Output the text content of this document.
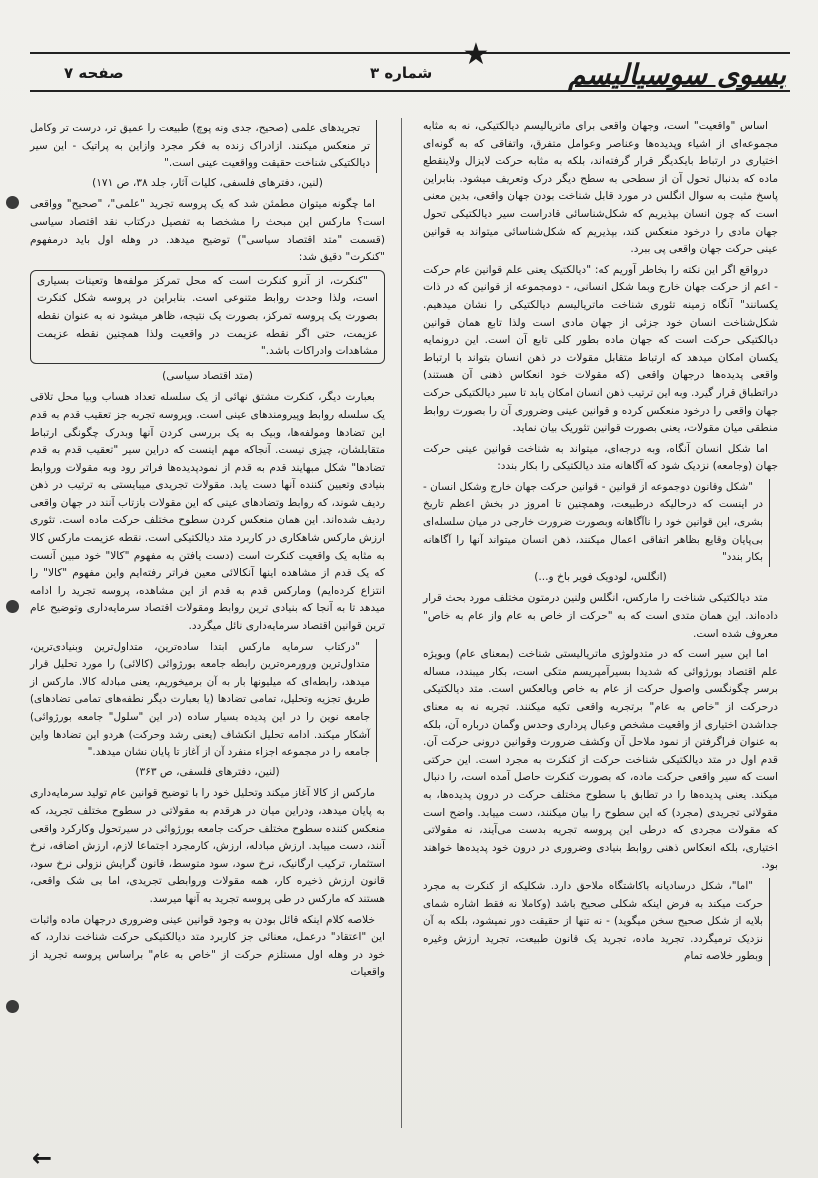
★
بسوی سوسیالیسم
شماره ۳
صفحه ۷

اساس "واقعیت" است، وجهان واقعی برای ماتریالیسم دیالکتیکی، نه به مثابه مجموعه‌ای از اشیاء وپدیده‌ها وعناصر وعوامل متفرق، واتفاقی که به گونه‌ای اختیاری در ارتباط بایکدیگر قرار گرفته‌اند، بلکه به مثابه حرکت لایزال ولاینقطع ماده که بدنبال تحول آن از سطحی به سطح دیگر درک وتعریف میشود. بنابراین پاسخ مثبت به سوال انگلس در مورد قابل شناخت بودن جهان واقعی، بدین معنی است که چون انسان بپذیریم که شکل‌شناسائی قادراست سیر دیالکتیکی تحول جهان مادی را درخود منعکس کند، بپذیریم که شکل‌شناسائی میتواند به قوانین عینی حرکت جهان واقعی پی ببرد.

درواقع اگر این نکته را بخاطر آوریم که: "دیالکتیک یعنی علم قوانین عام حرکت - اعم از حرکت جهان خارج وبما شکل انسانی، - دومجموعه از قوانین که در ذات یکسانند" آنگاه زمینه تئوری شناخت ماتریالیسم دیالکتیکی را نشان میدهیم. شکل‌شناخت انسان خود جزئی از جهان مادی است ولذا تابع همان قوانین دیالکتیکی حرکت است که جهان ماده بطور کلی تابع آن است. این درونمایه یکسان امکان میدهد که ارتباط متقابل مقولات در ذهن انسان بتواند با ارتباط واقعی پدیده‌ها درجهان واقعی (که مقولات خود انعکاس ذهنی آن هستند) دراتطباق قرار گیرد. وبه این ترتیب ذهن انسان امکان یابد تا سیر دیالکتیکی حرکت جهان واقعی را درخود منعکس کرده و قوانین عینی وضروری آن را بصورت روابط منطقی میان مقولات، یعنی بصورت قوانین تئوریک بیان نماید.

اما شکل انسان آنگاه، وبه درجه‌ای، میتواند به شناخت قوانین عینی حرکت جهان (وجامعه) نزدیک شود که آگاهانه متد دیالکتیکی را بکار بندد:

"شکل وقانون دوجموعه از قوانین - قوانین حرکت جهان خارج وشکل انسان - در اینست که درحالیکه درطبیعت، وهمچنین تا امروز در بخش اعظم تاریخ بشری، این قوانین خود را ناآگاهانه وبصورت ضرورت خارجی در میان سلسله‌ای بی‌پایان وقایع بظاهر اتفاقی اعمال میکنند، ذهن انسان میتواند آنها را آگاهانه بکار بندد"

(انگلس، لودویک فویر باخ و...)

متد دیالکتیکی شناخت را مارکس، انگلس ولنین درمتون مختلف مورد بحث قرار داده‌اند. این همان متدی است که به "حرکت از خاص به عام واز عام به خاص" معروف شده است.

اما این سیر است که در متدولوژی ماتریالیستی شناخت (بمعنای عام) وبویژه علم اقتصاد بورژوائی که شدیدا بسیرآمپریسم متکی است، بکار میبندد، مساله برسر چگونگسی واصول حرکت از عام به خاص وبالعکس است. متد دیالکتیکی درحرکت از "خاص به عام" برتجربه واقعی تکیه میکنند. تجربه نه به معنای جداشدن اختیاری از واقعیت مشخص وعبال پرداری وحدس وگمان درباره آن، بلکه به عنوان فراگرفتن از نمود ملاحل آن وکشف ضرورت وقوانین درونی حرکت آن. قدم اول در متد دیالکتیکی شناخت حرکت از کنکرت به مجرد است. این حرکتی است که سیر واقعی حرکت ماده، که بصورت کنکرت حاصل آمده است، را دنبال میکند. یعنی پدیده‌ها را در تطابق با سطوح مختلف حرکت در درون پدیده‌ها، به مقولاتی تجریدی (مجرد) که این سطوح را بیان میکنند، دست مییابد. واضح است که مقولات مجردی که درطی این پروسه تجریه بدست می‌آیند، نه مقولاتی اختیاری، بلکه انعکاس ذهنی روابط بنیادی وضروری در درون خود پدیده‌ها خواهند بود.

"اما"، شکل درسادیانه باکاشتگاه ملاحق دارد. شکلیکه از کنکرت به مجرد حرکت میکند به فرض اینکه شکلی صحیح باشد (وکاملا نه فقط اشاره شمای بلایه از شکل صحیح سخن میگوید) - نه تنها از حقیقت دور نمیشود، بلکه به آن نزدیک ترمیگردد. تجرید ماده، تجرید یک قانون طبیعت، تجرید ارزش وغیره وبطور خلاصه تمام

تجریدهای علمی (صحیح، جدی ونه پوچ) طبیعت را عمیق تر، درست تر وکامل تر منعکس میکنند. ازادراک زنده به فکر مجرد وازاین به پراتیک - این سیر دیالکتیکی شناخت حقیقت وواقعیت عینی است."

(لنین، دفترهای فلسفی، کلیات آثار، جلد ۳۸، ص ۱۷۱)

اما چگونه میتوان مطمئن شد که یک پروسه تجرید "علمی"، "صحیح" وواقعی است؟ مارکس این مبحث را مشخصا به تفصیل درکتاب نقد اقتصاد سیاسی (قسمت "متد اقتصاد سیاسی") توضیح میدهد. در وهله اول باید درمفهوم "کنکرت" دقیق شد:

"کنکرت، از آنرو کنکرت است که محل تمرکز مولفه‌ها وتعینات بسیاری است، ولذا وحدت روابط متنوعی است. بنابراین در پروسه شکل کنکرت بصورت یک پروسه تمرکز، بصورت یک نتیجه، ظاهر میشود نه به عنوان نقطه عزیمت، حتی اگر نقطه عزیمت در واقعیت ولذا همچنین نقطه عزیمت مشاهدات وادراکات باشد."

(متد اقتصاد سیاسی)

بعبارت دیگر، کنکرت مشتق نهائی از یک سلسله تعداد هساب وبیا محل تلاقی یک سلسله روابط وپیرومندهای عینی است. وپروسه تجربه جز تعقیب قدم به قدم این تضادها ومولفه‌ها، وبیک به یک بررسی کردن آنها وبدرک چگونگی ارتباط متقابلشان، چیزی نیست. آنجاکه مهم اینست که دراین سیر "تعقیب قدم به قدم تضادها" شکل مبهایند قدم به قدم از نمودپدیده‌ها فراتر رود وبه مقولات وروابط بنیادی وتعیین کننده آنها دست یابد. مقولات تجریدی میبایستی به ترتیب در ذهن ردیف شوند، که روابط وتضادهای عینی که این مقولات بازتاب آنند در جهان واقعی ردیف شده‌اند. این همان منعکس کردن سطوح مختلف حرکت ماده است. تئوری ارزش مارکس شاهکاری در کاربرد متد دیالکتیکی است. نقطه عزیمت مارکس کالا به مثابه یک واقعیت کنکرت است (دست یافتن به مفهوم "کالا" خود مبین آنست که یک قدم از مشاهده اینها آنکالائی معین فراتر رفته‌ایم واین مفهوم "کالا" را انتزاع کرده‌ایم) ومارکس قدم به قدم از این مشاهده، پروسه تجرید را ادامه میدهد تا به آنجا که بنیادی ترین روابط ومقولات اقتصاد سرمایه‌داری وتوضیح عام ترین قوانین اقتصاد سرمایه‌داری نائل میگردد.

"درکتاب سرمایه مارکس ابتدا ساده‌ترین، متداول‌ترین وبنیادی‌ترین، متداول‌ترین ورورمره‌ترین رابطه جامعه بورژوائی (کالائی) را مورد تحلیل قرار میدهد، رابطه‌ای که میلیونها بار به آن برمیخوریم، یعنی مبادله کالا. مارکس از طریق تجزیه وتحلیل، تمامی تضادها (یا بعبارت دیگر نطفه‌های تمامی تضادهای) جامعه نوین را در این پدیده بسیار ساده (در این "سلول" جامعه بورژوائی) آشکار میکند. ادامه تحلیل انکشاف (یعنی رشد وحرکت) هردو این تضادها واین جامعه را در مجموعه اجزاء منفرد آن از آغاز تا پایان نشان میدهد."

(لنین، دفترهای فلسفی، ص ۳۶۳)

مارکس از کالا آغاز میکند وتحلیل خود را با توضیح قوانین عام تولید سرمایه‌داری به پایان میدهد، ودراین میان در هرقدم به مقولاتی در سطوح مختلف تجرید، که منعکس کننده سطوح مختلف حرکت جامعه بورژوائی در سیرتحول وکارکرد واقعی آنند، دست مییابد. ارزش مبادله، ارزش، کارمجرد اجتماعا لازم، ارزش اضافه، نرخ استثمار، ترکیب ارگانیک، نرخ سود، سود متوسط، قانون گرایش نزولی نرخ سود، قانون ارزش ذخیره کار، همه مقولات وروابطی تجریدی، اما بی شک واقعی، هستند که مارکس در طی پروسه تجرید به آنها میرسد.

خلاصه کلام اینکه قائل بودن به وجود قوانین عینی وضروری درجهان ماده واثبات این "اعتقاد" درعمل، معنائی جز کاربرد متد دیالکتیکی حرکت شناخت ندارد، که خود در وهله اول مستلزم حرکت از "خاص به عام" براساس پروسه تجرید از واقعیات

←
